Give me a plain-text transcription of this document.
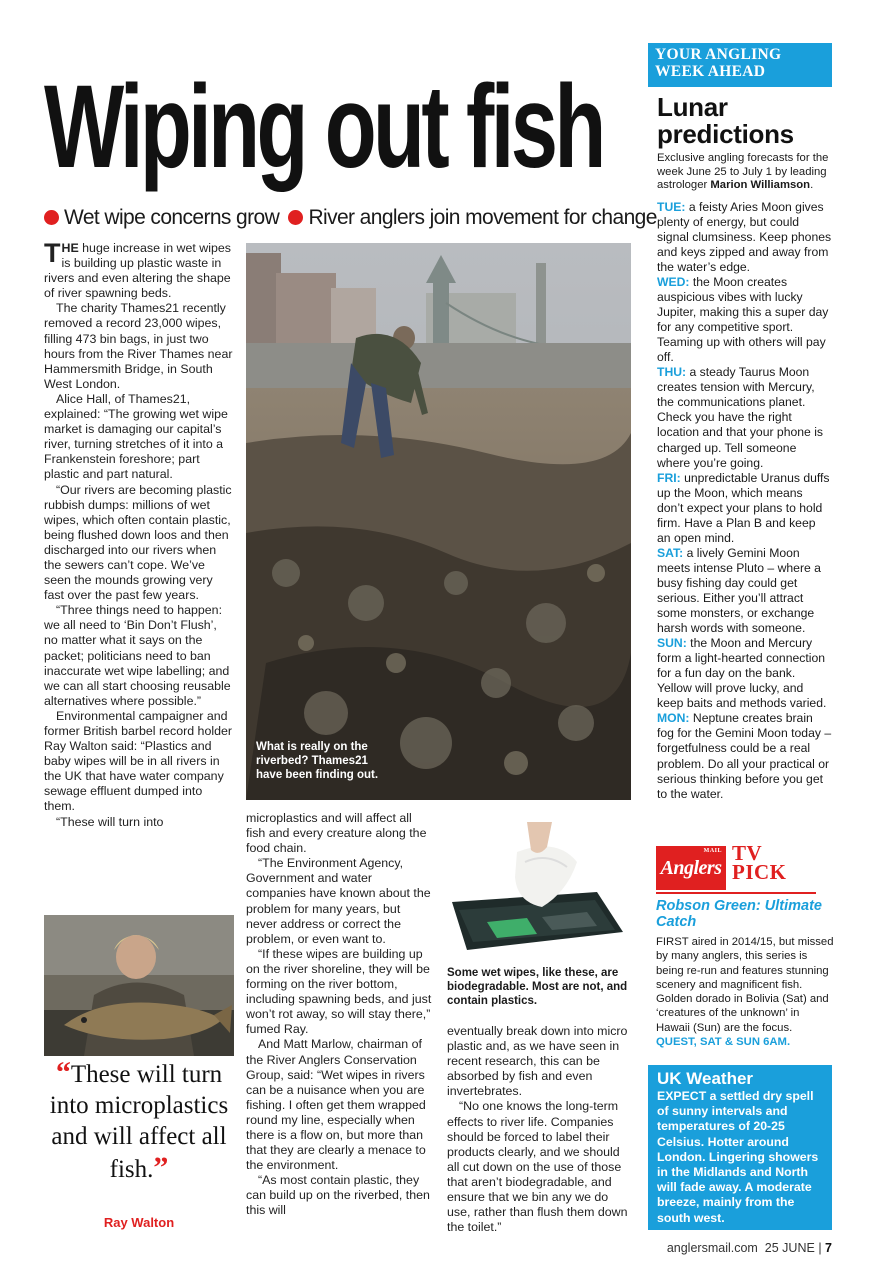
Wiping out fish
Wet wipe concerns grow River anglers join movement for change

THE huge increase in wet wipes is building up plastic waste in rivers and even altering the shape of river spawning beds.

The charity Thames21 recently removed a record 23,000 wipes, filling 473 bin bags, in just two hours from the River Thames near Hammersmith Bridge, in South West London.

Alice Hall, of Thames21, explained: “The growing wet wipe market is damaging our capital’s river, turning stretches of it into a Frankenstein foreshore; part plastic and part natural.

“Our rivers are becoming plastic rubbish dumps: millions of wet wipes, which often contain plastic, being flushed down loos and then discharged into our rivers when the sewers can’t cope. We’ve seen the mounds growing very fast over the past few years.

“Three things need to happen: we all need to ‘Bin Don’t Flush’, no matter what it says on the packet; politicians need to ban inaccurate wet wipe labelling; and we can all start choosing reusable alternatives where possible.”

Environmental campaigner and former British barbel record holder Ray Walton said: “Plastics and baby wipes will be in all rivers in the UK that have water company sewage effluent dumped into them.

“These will turn into

What is really on the riverbed? Thames21 have been finding out.

microplastics and will affect all fish and every creature along the food chain.

“The Environment Agency, Government and water companies have known about the problem for many years, but never address or correct the problem, or even want to.

“If these wipes are building up on the river shoreline, they will be forming on the river bottom, including spawning beds, and just won’t rot away, so will stay there,” fumed Ray.

And Matt Marlow, chairman of the River Anglers Conservation Group, said: “Wet wipes in rivers can be a nuisance when you are fishing. I often get them wrapped round my line, especially when there is a flow on, but more than that they are clearly a menace to the environment.

“As most contain plastic, they can build up on the riverbed, then this will

Some wet wipes, like these, are biodegradable. Most are not, and contain plastics.

eventually break down into micro plastic and, as we have seen in recent research, this can be absorbed by fish and even invertebrates.

“No one knows the long-term effects to river life. Companies should be forced to label their products clearly, and we should all cut down on the use of those that aren’t biodegradable, and ensure that we bin any we do use, rather than flush them down the toilet.”

“These will turn into microplastics and will affect all fish.”
Ray Walton
YOUR ANGLING WEEK AHEAD
Lunar predictions
Exclusive angling forecasts for the week June 25 to July 1 by leading astrologer Marion Williamson.
TUE: a feisty Aries Moon gives plenty of energy, but could signal clumsiness. Keep phones and keys zipped and away from the water’s edge.
WED: the Moon creates auspicious vibes with lucky Jupiter, making this a super day for any competitive sport. Teaming up with others will pay off.
THU: a steady Taurus Moon creates tension with Mercury, the communications planet. Check you have the right location and that your phone is charged up. Tell someone where you’re going.
FRI: unpredictable Uranus duffs up the Moon, which means don’t expect your plans to hold firm. Have a Plan B and keep an open mind.
SAT: a lively Gemini Moon meets intense Pluto – where a busy fishing day could get serious. Either you’ll attract some monsters, or exchange harsh words with someone.
SUN: the Moon and Mercury form a light-hearted connection for a fun day on the bank. Yellow will prove lucky, and keep baits and methods varied.
MON: Neptune creates brain fog for the Gemini Moon today – forgetfulness could be a real problem. Do all your practical or serious thinking before you get to the water.
MAIL
Anglers
TV
PICK
Robson Green: Ultimate Catch
FIRST aired in 2014/15, but missed by many anglers, this series is being re-run and features stunning scenery and magnificent fish. Golden dorado in Bolivia (Sat) and ‘creatures of the unknown’ in Hawaii (Sun) are the focus. QUEST, SAT & SUN 6AM.
UK Weather

EXPECT a settled dry spell of sunny intervals and temperatures of 20-25 Celsius. Hotter around London. Lingering showers in the Midlands and North will fade away. A moderate breeze, mainly from the south west.

anglersmail.com 25 JUNE | 7
